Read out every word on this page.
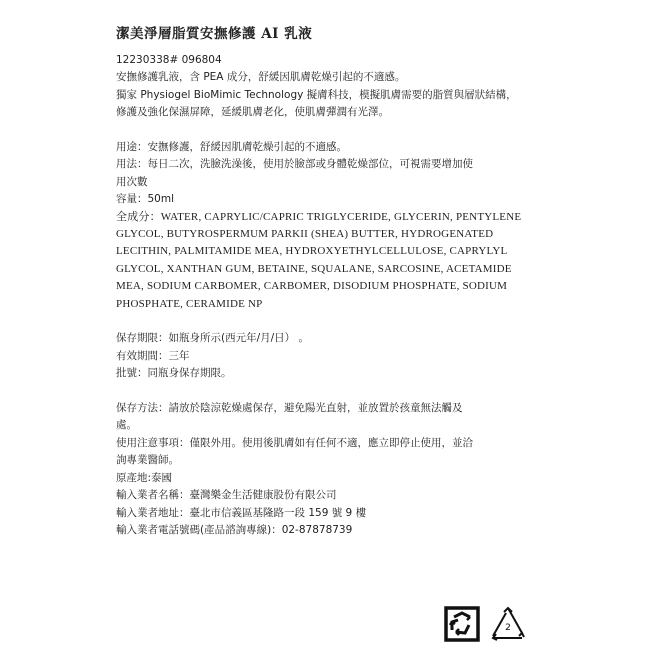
潔美淨層脂質安撫修護 AI 乳液
12230338# 096804
安撫修護乳液，含 PEA 成分，舒緩因肌膚乾燥引起的不適感。
獨家 Physiogel BioMimic Technology 擬膚科技，模擬肌膚需要的脂質與層狀結構，
修護及強化保濕屏障，延緩肌膚老化，使肌膚彈潤有光澤。
用途：安撫修護，舒緩因肌膚乾燥引起的不適感。
用法：每日二次，洗臉洗澡後，使用於臉部或身體乾燥部位，可視需要增加使
用次數
容量：50ml
全成分：WATER, CAPRYLIC/CAPRIC TRIGLYCERIDE, GLYCERIN, PENTYLENE
GLYCOL, BUTYROSPERMUM PARKII (SHEA) BUTTER, HYDROGENATED
LECITHIN, PALMITAMIDE MEA, HYDROXYETHYLCELLULOSE, CAPRYLYL
GLYCOL, XANTHAN GUM, BETAINE, SQUALANE, SARCOSINE, ACETAMIDE
MEA, SODIUM CARBOMER, CARBOMER, DISODIUM PHOSPHATE, SODIUM
PHOSPHATE, CERAMIDE NP
保存期限：如瓶身所示(西元年/月/日） 。
有效期間：三年
批號：同瓶身保存期限。
保存方法：請放於陰涼乾燥處保存，避免陽光直射，並放置於孩童無法觸及
處。
使用注意事項：僅限外用。使用後肌膚如有任何不適，應立即停止使用，並洽
詢專業醫師。
原產地:泰國
輸入業者名稱：臺灣樂金生活健康股份有限公司
輸入業者地址：臺北市信義區基隆路一段 159 號 9 樓
輸入業者電話號碼(產品諮詢專線)：02-87878739
2
